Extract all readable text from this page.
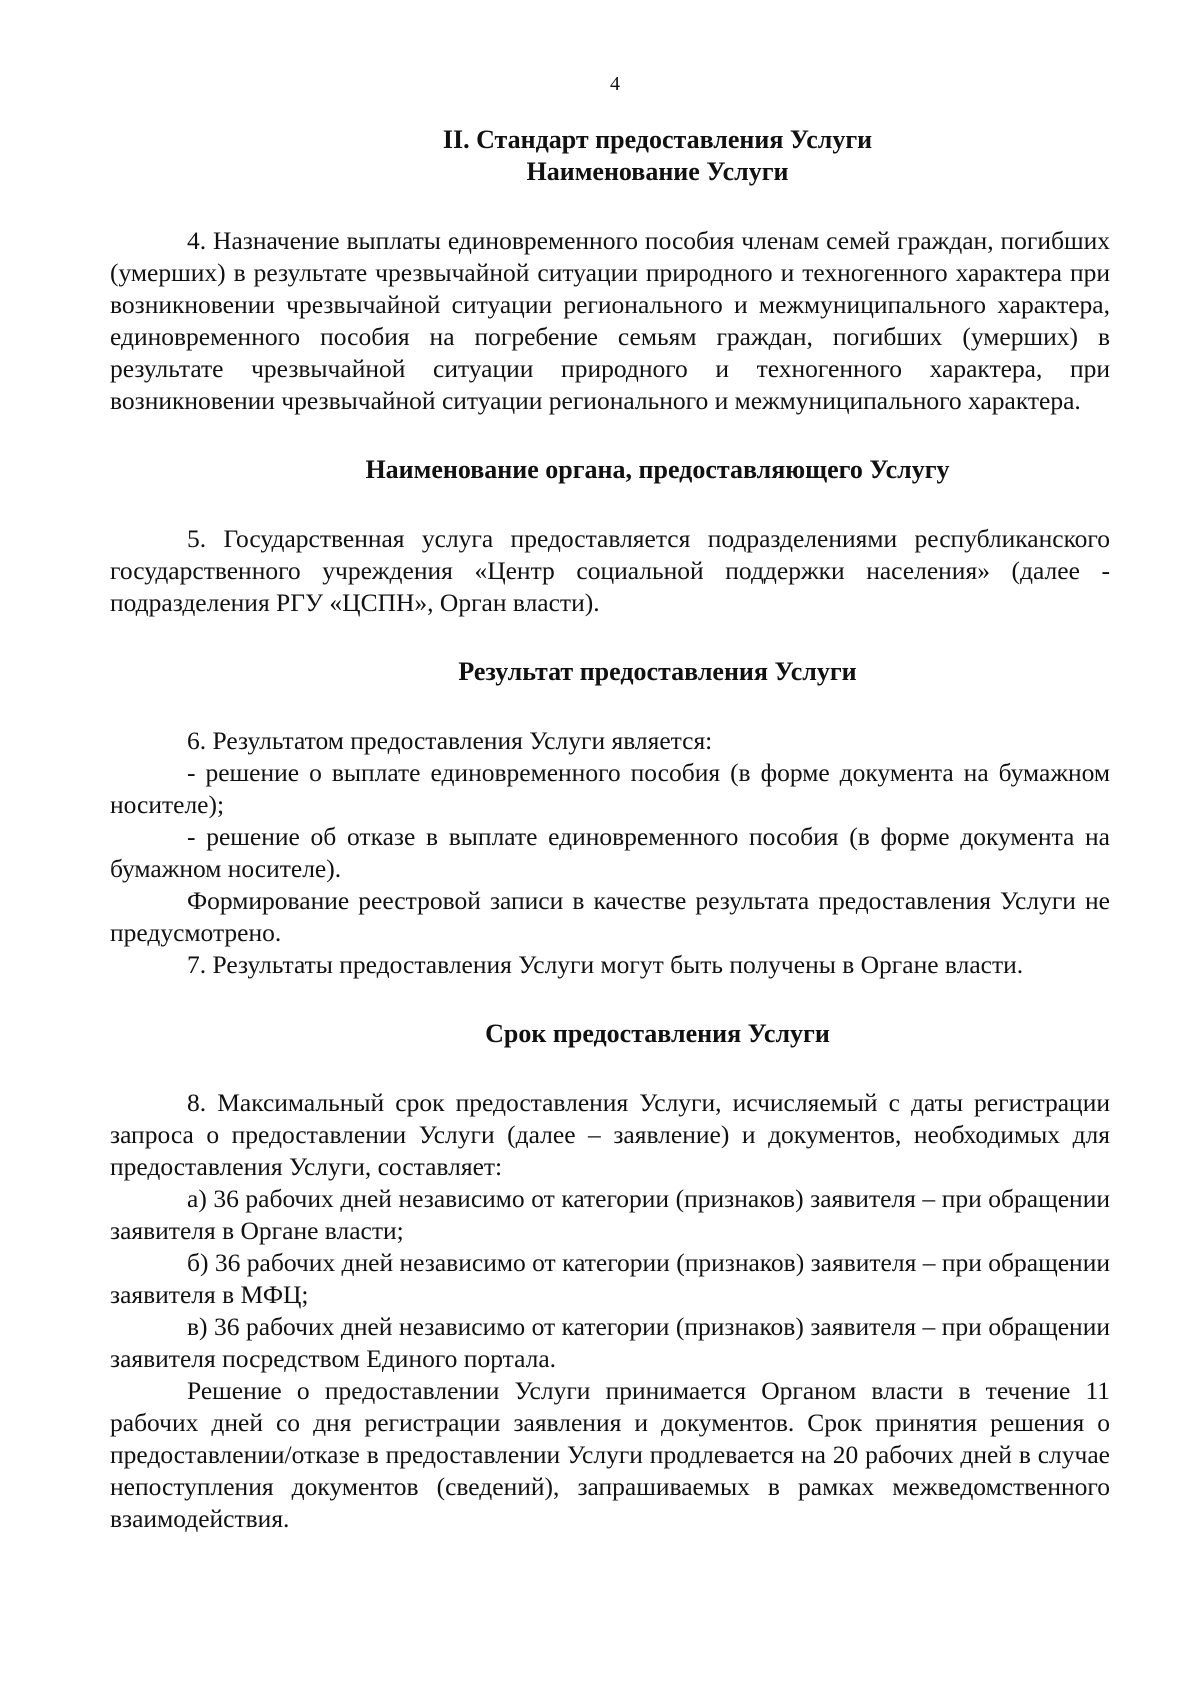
4

II. Стандарт предоставления Услуги

Наименование Услуги

4. Назначение выплаты единовременного пособия членам семей граждан, погибших (умерших) в результате чрезвычайной ситуации природного и техногенного характера при возникновении чрезвычайной ситуации регионального и межмуниципального характера, единовременного пособия на погребение семьям граждан, погибших (умерших) в результате чрезвычайной ситуации природного и техногенного характера, при возникновении чрезвычайной ситуации регионального и межмуниципального характера.

Наименование органа, предоставляющего Услугу

5. Государственная услуга предоставляется подразделениями республиканского государственного учреждения «Центр социальной поддержки населения» (далее - подразделения РГУ «ЦСПН», Орган власти).

Результат предоставления Услуги

6. Результатом предоставления Услуги является:

- решение о выплате единовременного пособия (в форме документа на бумажном носителе);

- решение об отказе в выплате единовременного пособия (в форме документа на бумажном носителе).

Формирование реестровой записи в качестве результата предоставления Услуги не предусмотрено.

7. Результаты предоставления Услуги могут быть получены в Органе власти.

Срок предоставления Услуги

8. Максимальный срок предоставления Услуги, исчисляемый с даты регистрации запроса о предоставлении Услуги (далее – заявление) и документов, необходимых для предоставления Услуги, составляет:

а) 36 рабочих дней независимо от категории (признаков) заявителя – при обращении заявителя в Органе власти;

б) 36 рабочих дней независимо от категории (признаков) заявителя – при обращении заявителя в МФЦ;

в) 36 рабочих дней независимо от категории (признаков) заявителя – при обращении заявителя посредством Единого портала.

Решение о предоставлении Услуги принимается Органом власти в течение 11 рабочих дней со дня регистрации заявления и документов. Срок принятия решения о предоставлении/отказе в предоставлении Услуги продлевается на 20 рабочих дней в случае непоступления документов (сведений), запрашиваемых в рамках межведомственного взаимодействия.
